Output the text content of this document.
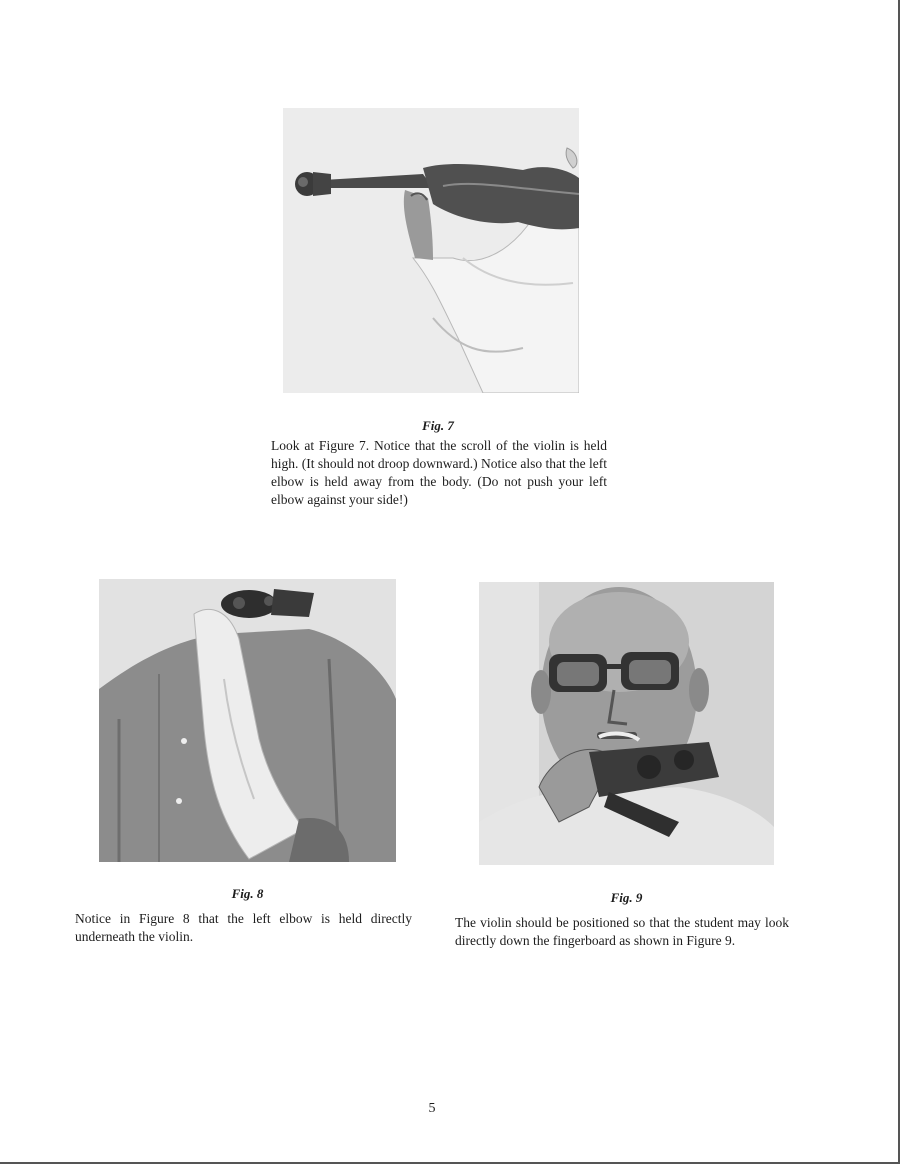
Fig. 7
Look at Figure 7. Notice that the scroll of the violin is held high. (It should not droop downward.) Notice also that the left elbow is held away from the body. (Do not push your left elbow against your side!)
Fig. 8
Notice in Figure 8 that the left elbow is held directly underneath the violin.
Fig. 9
The violin should be positioned so that the student may look directly down the fingerboard as shown in Figure 9.
5
